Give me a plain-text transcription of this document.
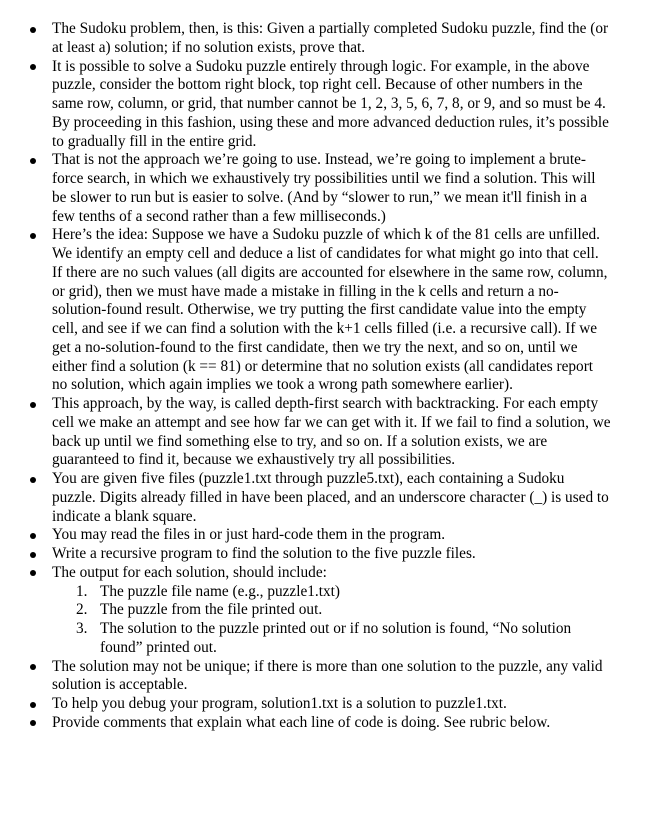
The Sudoku problem, then, is this: Given a partially completed Sudoku puzzle, find the (or at least a) solution; if no solution exists, prove that.
It is possible to solve a Sudoku puzzle entirely through logic. For example, in the above puzzle, consider the bottom right block, top right cell. Because of other numbers in the same row, column, or grid, that number cannot be 1, 2, 3, 5, 6, 7, 8, or 9, and so must be 4. By proceeding in this fashion, using these and more advanced deduction rules, it’s possible to gradually fill in the entire grid.
That is not the approach we’re going to use. Instead, we’re going to implement a brute-force search, in which we exhaustively try possibilities until we find a solution. This will be slower to run but is easier to solve. (And by “slower to run,” we mean it'll finish in a few tenths of a second rather than a few milliseconds.)
Here’s the idea: Suppose we have a Sudoku puzzle of which k of the 81 cells are unfilled. We identify an empty cell and deduce a list of candidates for what might go into that cell. If there are no such values (all digits are accounted for elsewhere in the same row, column, or grid), then we must have made a mistake in filling in the k cells and return a no-solution-found result. Otherwise, we try putting the first candidate value into the empty cell, and see if we can find a solution with the k+1 cells filled (i.e. a recursive call). If we get a no-solution-found to the first candidate, then we try the next, and so on, until we either find a solution (k == 81) or determine that no solution exists (all candidates report no solution, which again implies we took a wrong path somewhere earlier).
This approach, by the way, is called depth-first search with backtracking. For each empty cell we make an attempt and see how far we can get with it. If we fail to find a solution, we back up until we find something else to try, and so on. If a solution exists, we are guaranteed to find it, because we exhaustively try all possibilities.
You are given five files (puzzle1.txt through puzzle5.txt), each containing a Sudoku puzzle. Digits already filled in have been placed, and an underscore character (_) is used to indicate a blank square.
You may read the files in or just hard-code them in the program.
Write a recursive program to find the solution to the five puzzle files.
The output for each solution, should include:
1. The puzzle file name (e.g., puzzle1.txt)
2. The puzzle from the file printed out.
3. The solution to the puzzle printed out or if no solution is found, “No solution found” printed out.
The solution may not be unique; if there is more than one solution to the puzzle, any valid solution is acceptable.
To help you debug your program, solution1.txt is a solution to puzzle1.txt.
Provide comments that explain what each line of code is doing. See rubric below.
